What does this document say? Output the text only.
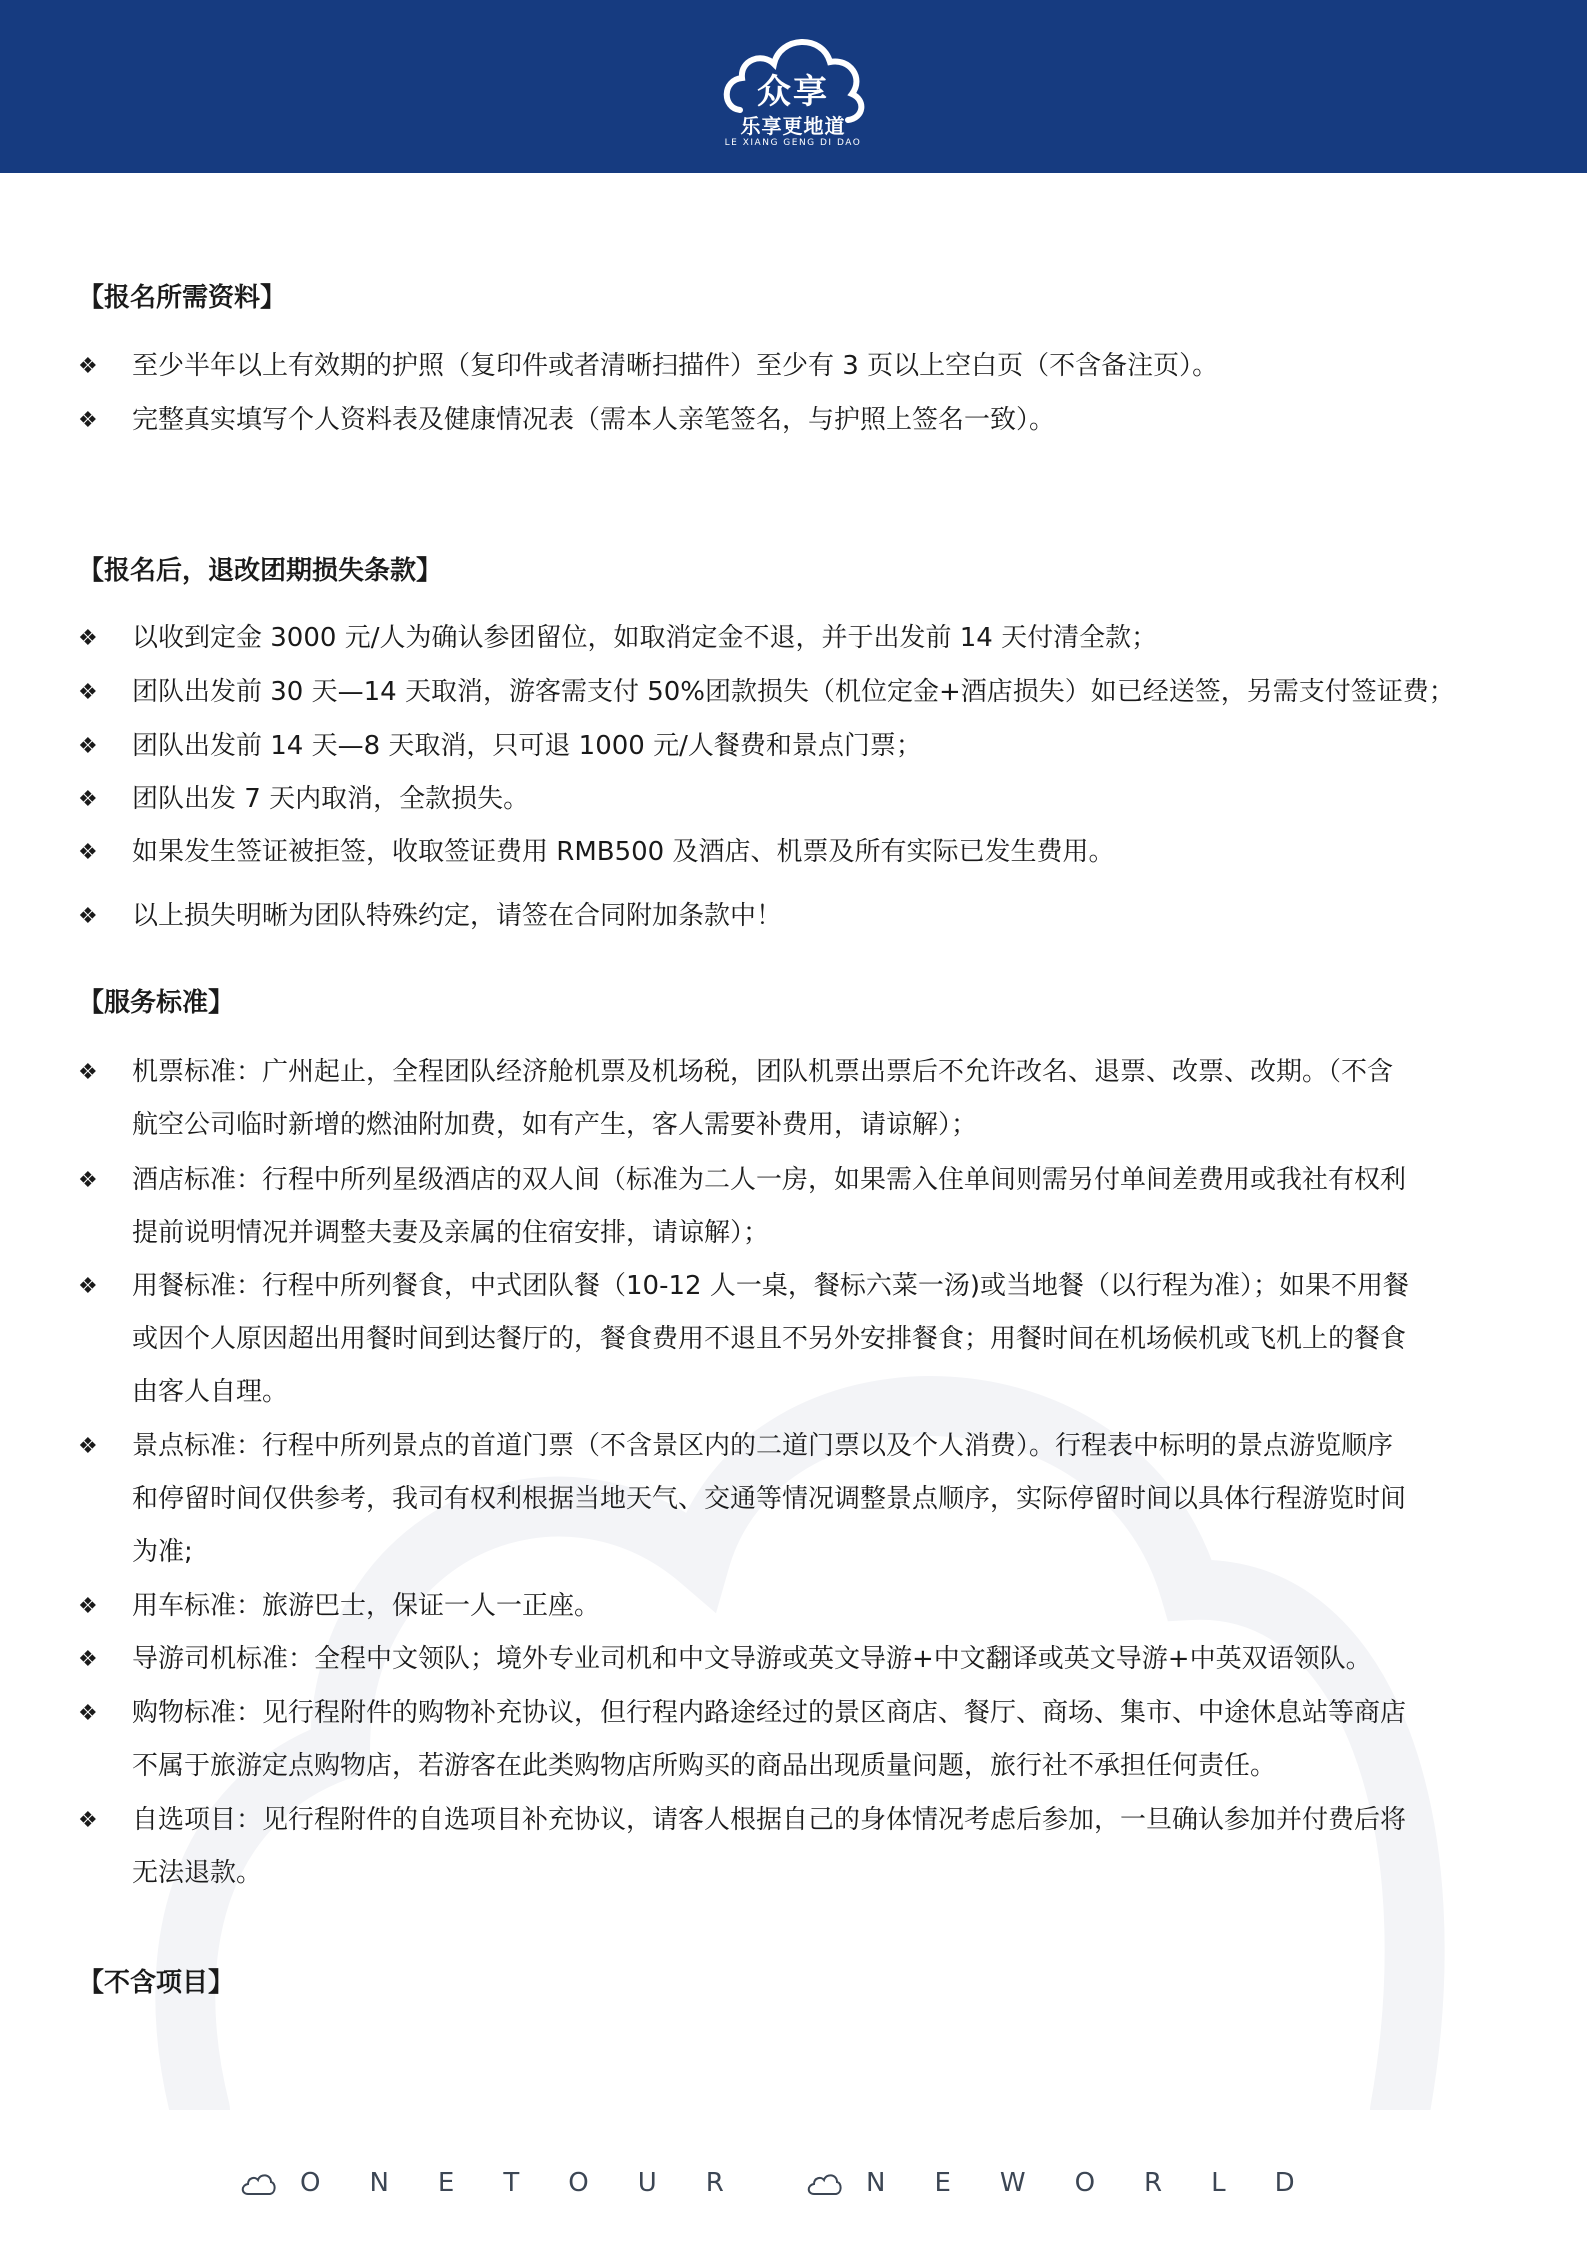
众享
乐享更地道
LE XIANG GENG DI DAO
【报名所需资料】
❖	至少半年以上有效期的护照（复印件或者清晰扫描件）至少有 3 页以上空白页（不含备注页）。
❖	完整真实填写个人资料表及健康情况表（需本人亲笔签名，与护照上签名一致）。
【报名后，退改团期损失条款】
❖	以收到定金 3000 元/人为确认参团留位，如取消定金不退，并于出发前 14 天付清全款；
❖	团队出发前 30 天—14 天取消，游客需支付 50%团款损失（机位定金+酒店损失）如已经送签，另需支付签证费；
❖	团队出发前 14 天—8 天取消，只可退 1000 元/人餐费和景点门票；
❖	团队出发 7 天内取消，全款损失。
❖	如果发生签证被拒签，收取签证费用 RMB500 及酒店、机票及所有实际已发生费用。
❖	以上损失明晰为团队特殊约定，请签在合同附加条款中！
【服务标准】
❖	机票标准：广州起止，全程团队经济舱机票及机场税，团队机票出票后不允许改名、退票、改票、改期。（不含
航空公司临时新增的燃油附加费，如有产生，客人需要补费用，请谅解）；
❖	酒店标准：行程中所列星级酒店的双人间（标准为二人一房，如果需入住单间则需另付单间差费用或我社有权利
提前说明情况并调整夫妻及亲属的住宿安排，请谅解）；
❖	用餐标准：行程中所列餐食，中式团队餐（10-12 人一桌，餐标六菜一汤)或当地餐（以行程为准）；如果不用餐
或因个人原因超出用餐时间到达餐厅的，餐食费用不退且不另外安排餐食；用餐时间在机场候机或飞机上的餐食
由客人自理。
❖	景点标准：行程中所列景点的首道门票（不含景区内的二道门票以及个人消费）。行程表中标明的景点游览顺序
和停留时间仅供参考，我司有权利根据当地天气、交通等情况调整景点顺序，实际停留时间以具体行程游览时间
为准;
❖	用车标准：旅游巴士，保证一人一正座。
❖	导游司机标准：全程中文领队；境外专业司机和中文导游或英文导游+中文翻译或英文导游+中英双语领队。
❖	购物标准：见行程附件的购物补充协议，但行程内路途经过的景区商店、餐厅、商场、集市、中途休息站等商店
不属于旅游定点购物店，若游客在此类购物店所购买的商品出现质量问题，旅行社不承担任何责任。
❖	自选项目：见行程附件的自选项目补充协议，请客人根据自己的身体情况考虑后参加，一旦确认参加并付费后将
无法退款。
【不含项目】
ONETOUR	NEWORLD
